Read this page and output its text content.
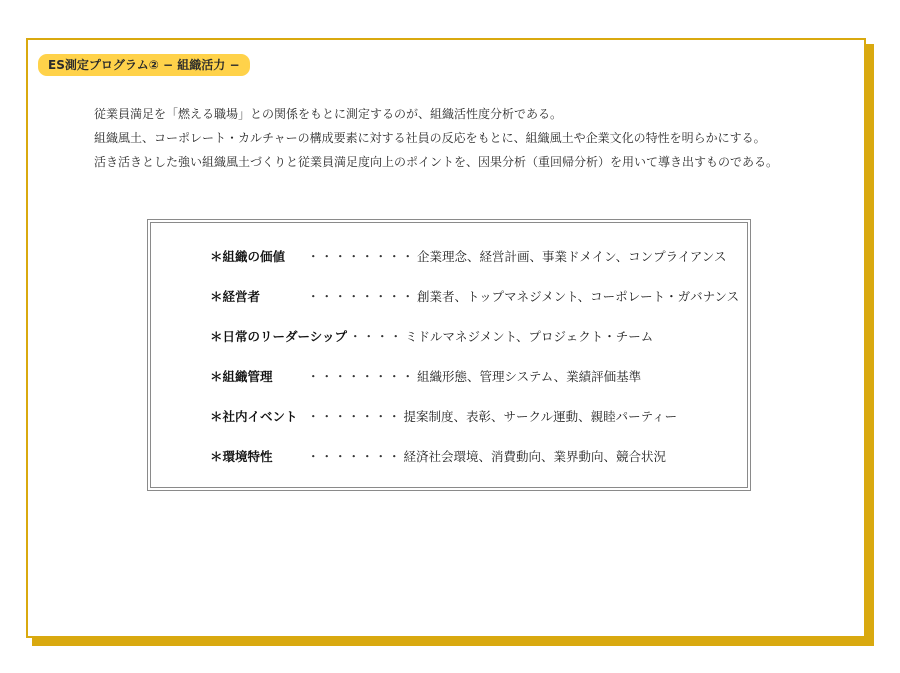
ES測定プログラム② − 組織活力 −

従業員満足を「燃える職場」との関係をもとに測定するのが、組織活性度分析である。

組織風土、コーポレート・カルチャーの構成要素に対する社員の反応をもとに、組織風土や企業文化の特性を明らかにする。

活き活きとした強い組織風土づくりと従業員満足度向上のポイントを、因果分析（重回帰分析）を用いて導き出すものである。

＊組織の価値	・・・・・・・・ 企業理念、経営計画、事業ドメイン、コンプライアンス
＊経営者	・・・・・・・・ 創業者、トップマネジメント、コーポレート・ガバナンス
＊日常のリーダーシップ ・・・・ ミドルマネジメント、プロジェクト・チーム
＊組織管理	・・・・・・・・ 組織形態、管理システム、業績評価基準
＊社内イベント ・・・・・・・ 提案制度、表彰、サークル運動、親睦パーティー
＊環境特性	・・・・・・・ 経済社会環境、消費動向、業界動向、競合状況
